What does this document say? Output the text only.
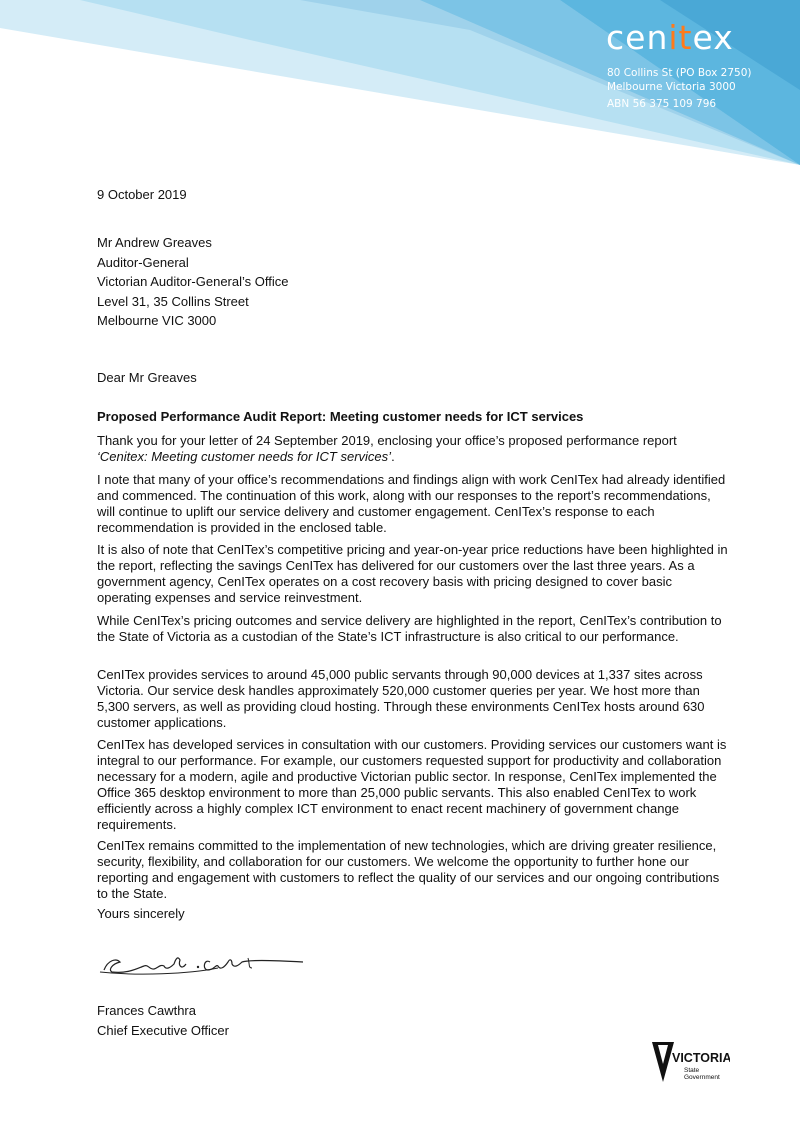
cenitex
80 Collins St (PO Box 2750)
Melbourne Victoria 3000
ABN 56 375 109 796
9 October 2019
Mr Andrew Greaves
Auditor-General
Victorian Auditor-General’s Office
Level 31, 35 Collins Street
Melbourne VIC 3000
Dear Mr Greaves
Proposed Performance Audit Report: Meeting customer needs for ICT services

Thank you for your letter of 24 September 2019, enclosing your office’s proposed performance report
‘Cenitex: Meeting customer needs for ICT services’.

I note that many of your office’s recommendations and findings align with work CenITex had already identified and commenced. The continuation of this work, along with our responses to the report’s recommendations, will continue to uplift our service delivery and customer engagement. CenITex’s response to each recommendation is provided in the enclosed table.

It is also of note that CenITex’s competitive pricing and year-on-year price reductions have been highlighted in the report, reflecting the savings CenITex has delivered for our customers over the last three years. As a government agency, CenITex operates on a cost recovery basis with pricing designed to cover basic operating expenses and service reinvestment.

While CenITex’s pricing outcomes and service delivery are highlighted in the report, CenITex’s contribution to the State of Victoria as a custodian of the State’s ICT infrastructure is also critical to our performance.

CenITex provides services to around 45,000 public servants through 90,000 devices at 1,337 sites across Victoria. Our service desk handles approximately 520,000 customer queries per year. We host more than 5,300 servers, as well as providing cloud hosting. Through these environments CenITex hosts around 630 customer applications.

CenITex has developed services in consultation with our customers. Providing services our customers want is integral to our performance. For example, our customers requested support for productivity and collaboration necessary for a modern, agile and productive Victorian public sector. In response, CenITex implemented the Office 365 desktop environment to more than 25,000 public servants. This also enabled CenITex to work efficiently across a highly complex ICT environment to enact recent machinery of government change requirements.

CenITex remains committed to the implementation of new technologies, which are driving greater resilience, security, flexibility, and collaboration for our customers. We welcome the opportunity to further hone our reporting and engagement with customers to reflect the quality of our services and our ongoing contributions to the State.

Yours sincerely
Frances Cawthra
Chief Executive Officer
VICTORIA
State
Government
